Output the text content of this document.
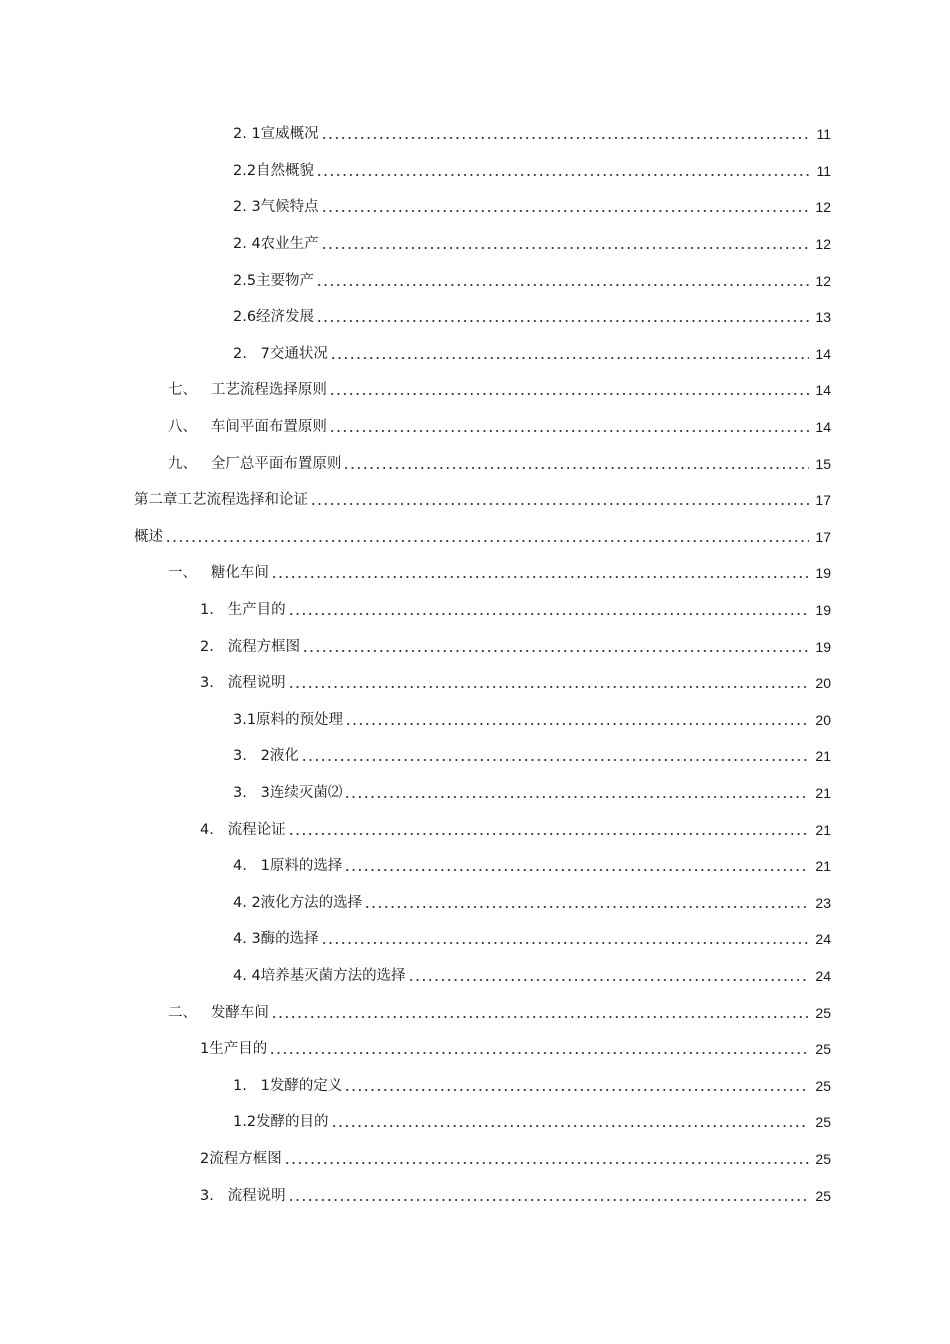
2. 1宣威概况	11
2.2自然概貌	11
2. 3气候特点	12
2. 4农业生产	12
2.5主要物产	12
2.6经济发展	13
2.   7交通状况	14
七、   工艺流程选择原则	14
八、   车间平面布置原则	14
九、   全厂总平面布置原则	15
第二章工艺流程选择和论证	17
概述	17
一、   糖化车间	19
1.   生产目的	19
2.   流程方框图	19
3.   流程说明	20
3.1原料的预处理	20
3.   2液化	21
3.   3连续灭菌⑵	21
4.   流程论证	21
4.   1原料的选择	21
4. 2液化方法的选择	23
4. 3酶的选择	24
4. 4培养基灭菌方法的选择	24
二、   发酵车间	25
1生产目的	25
1.   1发酵的定义	25
1.2发酵的目的	25
2流程方框图	25
3.   流程说明	25
